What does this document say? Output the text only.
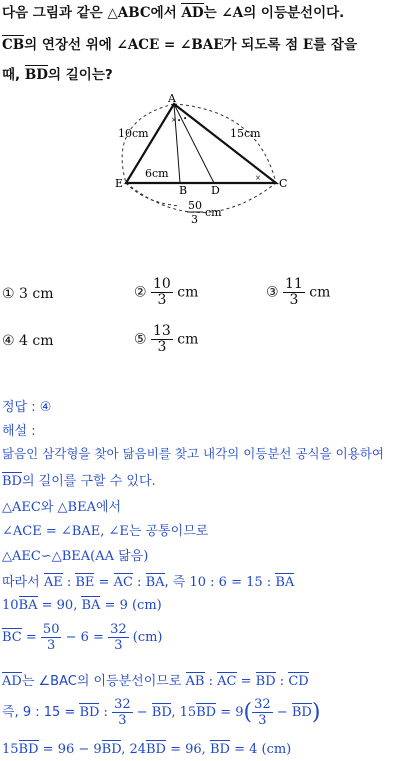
다음 그림과 같은 △ABC에서 AD는 ∠A의 이등분선이다.
CB의 연장선 위에 ∠ACE = ∠BAE가 되도록 점 E를 잡을
때, BD의 길이는?
× • •
×
A
E
B D
C
10cm	15cm
6cm
50
3
cm
① 3 cm	② $\frac{10}{3}$ cm	③ $\frac{11}{3}$ cm
④ 4 cm	⑤ $\frac{13}{3}$ cm
정답 : ④
해설 :
닮음인 삼각형을 찾아 닮음비를 찾고 내각의 이등분선 공식을 이용하여
BD의 길이를 구할 수 있다.
△AEC와 △BEA에서
∠ACE = ∠BAE, ∠E는 공통이므로
△AEC∽△BEA(AA 닮음)
따라서 AE : BE = AC : BA, 즉 10 : 6 = 15 : BA
10BA = 90, BA = 9 (cm)
BC = $\frac{50}{3} - 6 = \frac{32}{3} (cm)$
AD는 ∠BAC의 이등분선이므로 AB : AC = BD : CD
즉, 9 : 15 = BD : $\frac{32}{3}$ − BD, $15BD = 9( \frac{32}{3} - BD)$
15BD = 96 − 9BD, 24BD = 96, BD = 4 (cm)
